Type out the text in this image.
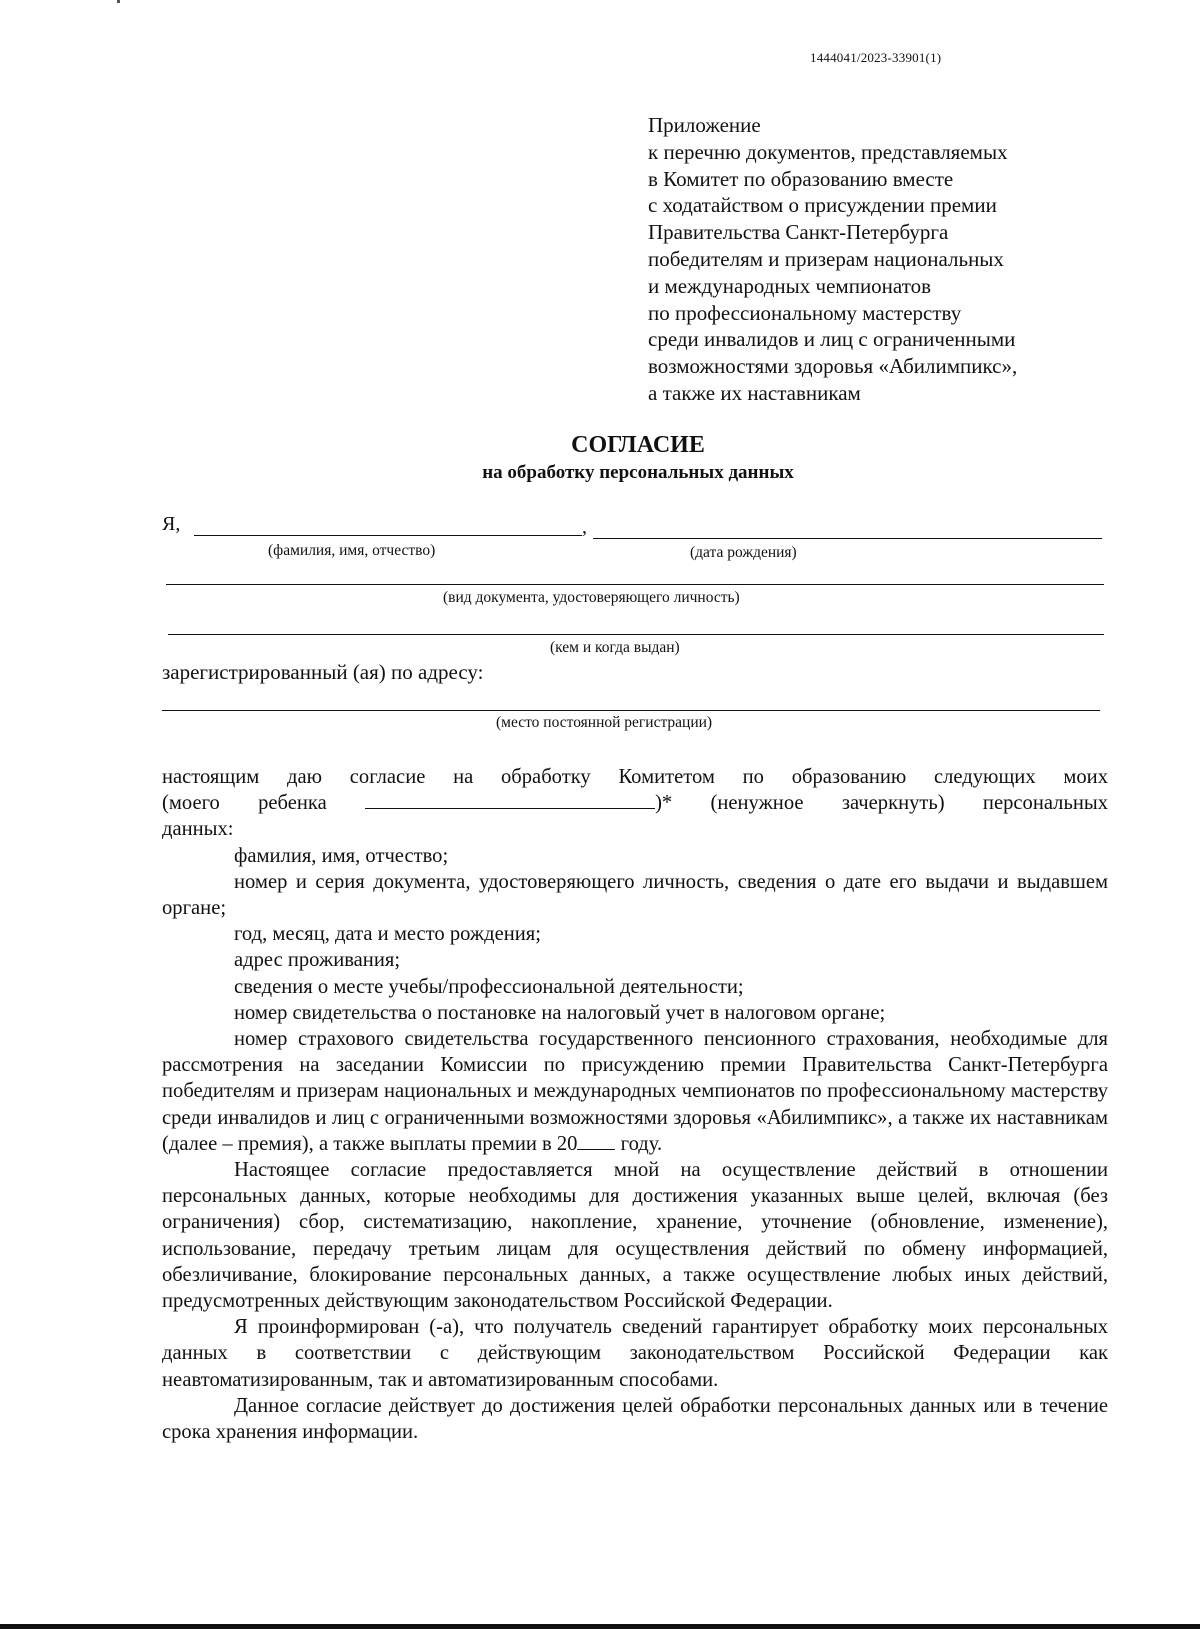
1444041/2023-33901(1)
Приложение
к перечню документов, представляемых
в Комитет по образованию вместе
с ходатайством о присуждении премии
Правительства Санкт-Петербурга
победителям и призерам национальных
и международных чемпионатов
по профессиональному мастерству
среди инвалидов и лиц с ограниченными
возможностями здоровья «Абилимпикс»,
а также их наставникам
СОГЛАСИЕ
на обработку персональных данных
Я,	,
(фамилия, имя, отчество)	(дата рождения)
(вид документа, удостоверяющего личность)
(кем и когда выдан)
зарегистрированный (ая) по адресу:
(место постоянной регистрации)

настоящим даю согласие на обработку Комитетом по образованию следующих моих

(моего ребенка	)* (ненужное зачеркнуть) персональных

данных:

фамилия, имя, отчество;

номер и серия документа, удостоверяющего личность, сведения о дате его выдачи и выдавшем органе;

год, месяц, дата и место рождения;

адрес проживания;

сведения о месте учебы/профессиональной деятельности;

номер свидетельства о постановке на налоговый учет в налоговом органе;

номер страхового свидетельства государственного пенсионного страхования, необходимые для рассмотрения на заседании Комиссии по присуждению премии Правительства Санкт-Петербурга победителям и призерам национальных и международных чемпионатов по профессиональному мастерству среди инвалидов и лиц с ограниченными возможностями здоровья «Абилимпикс», а также их наставникам (далее – премия), а также выплаты премии в 20 году.

Настоящее согласие предоставляется мной на осуществление действий в отношении персональных данных, которые необходимы для достижения указанных выше целей, включая (без ограничения) сбор, систематизацию, накопление, хранение, уточнение (обновление, изменение), использование, передачу третьим лицам для осуществления действий по обмену информацией, обезличивание, блокирование персональных данных, а также осуществление любых иных действий, предусмотренных действующим законодательством Российской Федерации.

Я проинформирован (-а), что получатель сведений гарантирует обработку моих персональных данных в соответствии с действующим законодательством Российской Федерации как неавтоматизированным, так и автоматизированным способами.

Данное согласие действует до достижения целей обработки персональных данных или в течение срока хранения информации.
